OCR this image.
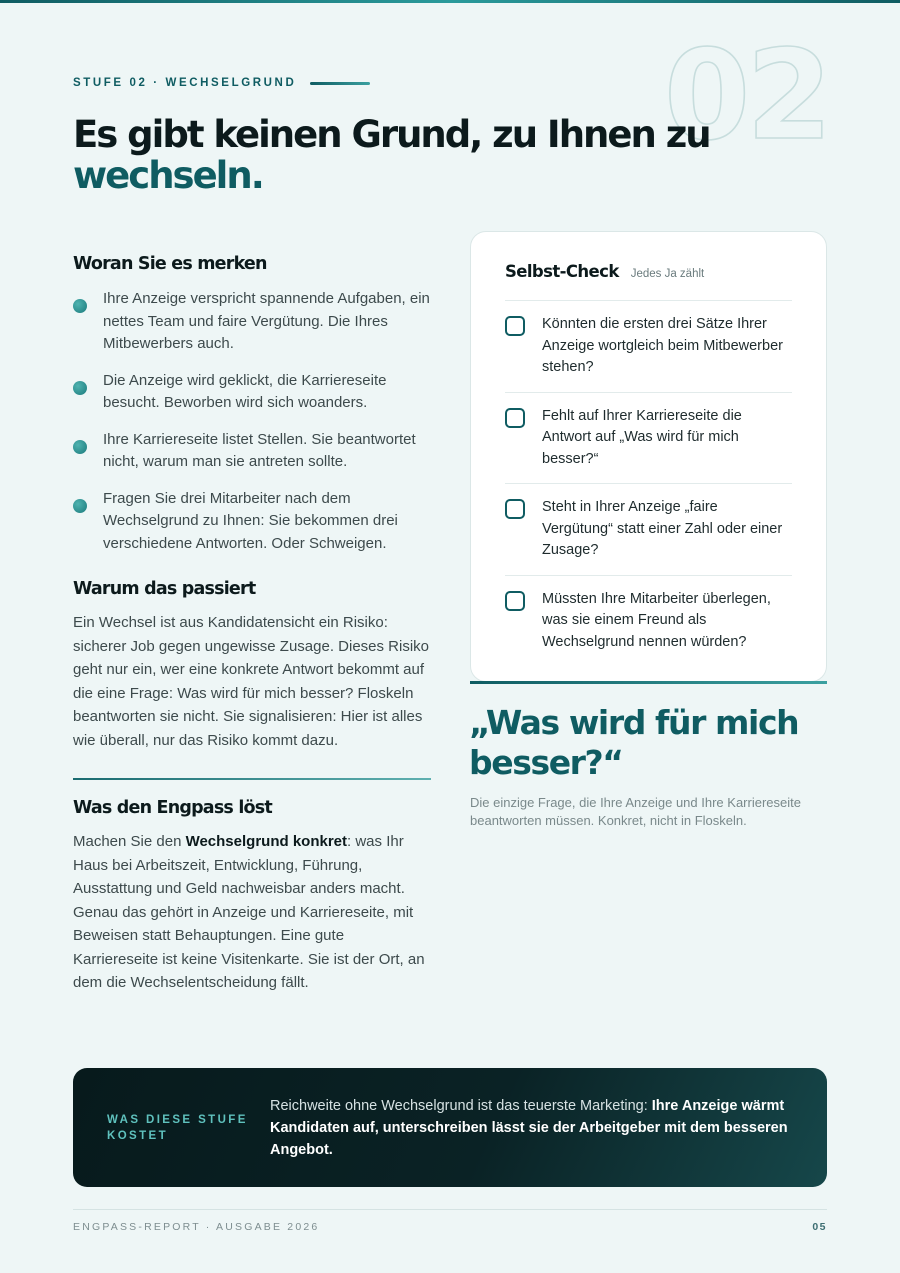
STUFE 02 · WECHSELGRUND	02
Es gibt keinen Grund, zu Ihnen zu
wechseln.
Woran Sie es merken
Ihre Anzeige verspricht spannende Aufgaben, ein nettes Team und faire Vergütung. Die Ihres Mitbewerbers auch.
Die Anzeige wird geklickt, die Karriereseite besucht. Beworben wird sich woanders.
Ihre Karriereseite listet Stellen. Sie beantwortet nicht, warum man sie antreten sollte.
Fragen Sie drei Mitarbeiter nach dem Wechselgrund zu Ihnen: Sie bekommen drei verschiedene Antworten. Oder Schweigen.
Warum das passiert

Ein Wechsel ist aus Kandidatensicht ein Risiko: sicherer Job gegen ungewisse Zusage. Dieses Risiko geht nur ein, wer eine konkrete Antwort bekommt auf die eine Frage: Was wird für mich besser? Floskeln beantworten sie nicht. Sie signalisieren: Hier ist alles wie überall, nur das Risiko kommt dazu.

Was den Engpass löst

Machen Sie den Wechselgrund konkret: was Ihr Haus bei Arbeitszeit, Entwicklung, Führung, Ausstattung und Geld nachweisbar anders macht. Genau das gehört in Anzeige und Karriereseite, mit Beweisen statt Behauptungen. Eine gute Karriereseite ist keine Visitenkarte. Sie ist der Ort, an dem die Wechselentscheidung fällt.

Selbst-Check Jedes Ja zählt
Könnten die ersten drei Sätze Ihrer Anzeige wortgleich beim Mitbewerber stehen?
Fehlt auf Ihrer Karriereseite die Antwort auf „Was wird für mich besser?“
Steht in Ihrer Anzeige „faire Vergütung“ statt einer Zahl oder einer Zusage?
Müssten Ihre Mitarbeiter überlegen, was sie einem Freund als Wechselgrund nennen würden?
„Was wird für mich besser?“
Die einzige Frage, die Ihre Anzeige und Ihre Karriereseite beantworten müssen. Konkret, nicht in Floskeln.
WAS DIESE STUFE KOSTET
Reichweite ohne Wechselgrund ist das teuerste Marketing: Ihre Anzeige wärmt Kandidaten auf, unterschreiben lässt sie der Arbeitgeber mit dem besseren Angebot.
ENGPASS-REPORT · AUSGABE 2026	05
